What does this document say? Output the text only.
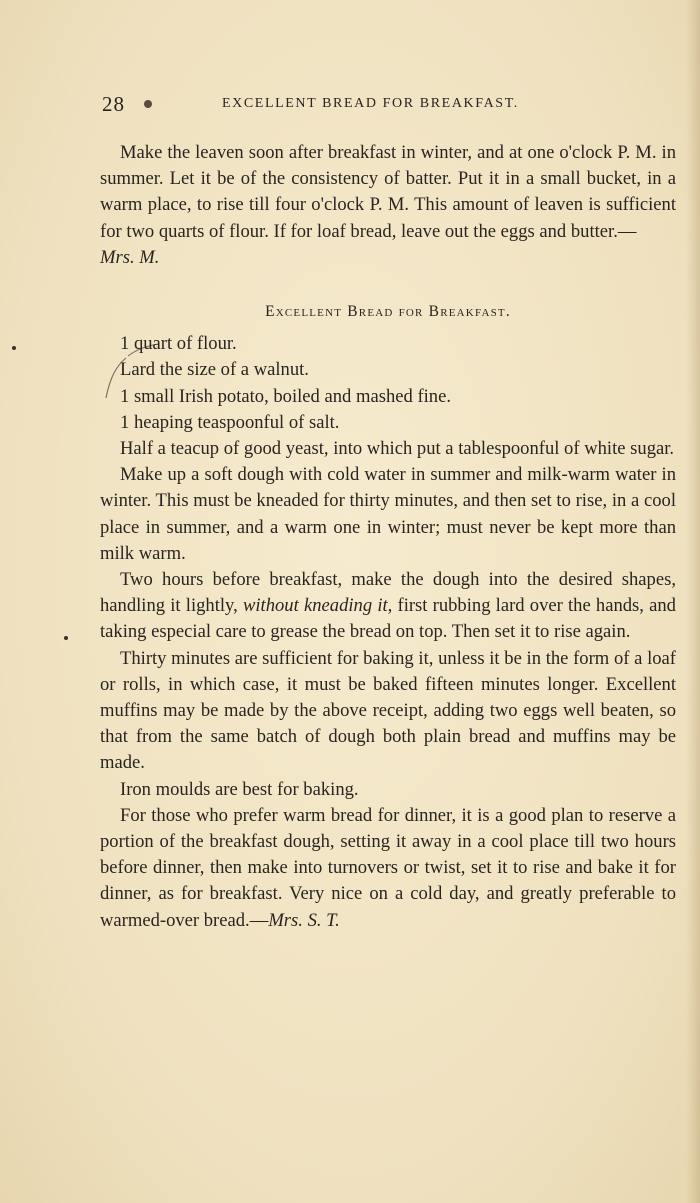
28	EXCELLENT BREAD FOR BREAKFAST.

Make the leaven soon after breakfast in winter, and at one o'clock P. M. in summer. Let it be of the consistency of batter. Put it in a small bucket, in a warm place, to rise till four o'clock P. M. This amount of leaven is sufficient for two quarts of flour. If for loaf bread, leave out the eggs and butter.—
Mrs. M.

Excellent Bread for Breakfast.
1 quart of flour.
Lard the size of a walnut.
1 small Irish potato, boiled and mashed fine.
1 heaping teaspoonful of salt.
Half a teacup of good yeast, into which put a tablespoonful of white sugar.

Make up a soft dough with cold water in summer and milk-warm water in winter. This must be kneaded for thirty minutes, and then set to rise, in a cool place in summer, and a warm one in winter; must never be kept more than milk warm.

Two hours before breakfast, make the dough into the desired shapes, handling it lightly, without kneading it, first rubbing lard over the hands, and taking especial care to grease the bread on top. Then set it to rise again.

Thirty minutes are sufficient for baking it, unless it be in the form of a loaf or rolls, in which case, it must be baked fifteen minutes longer. Excellent muffins may be made by the above receipt, adding two eggs well beaten, so that from the same batch of dough both plain bread and muffins may be made.

Iron moulds are best for baking.

For those who prefer warm bread for dinner, it is a good plan to reserve a portion of the breakfast dough, setting it away in a cool place till two hours before dinner, then make into turnovers or twist, set it to rise and bake it for dinner, as for breakfast. Very nice on a cold day, and greatly preferable to warmed-over bread.—Mrs. S. T.
